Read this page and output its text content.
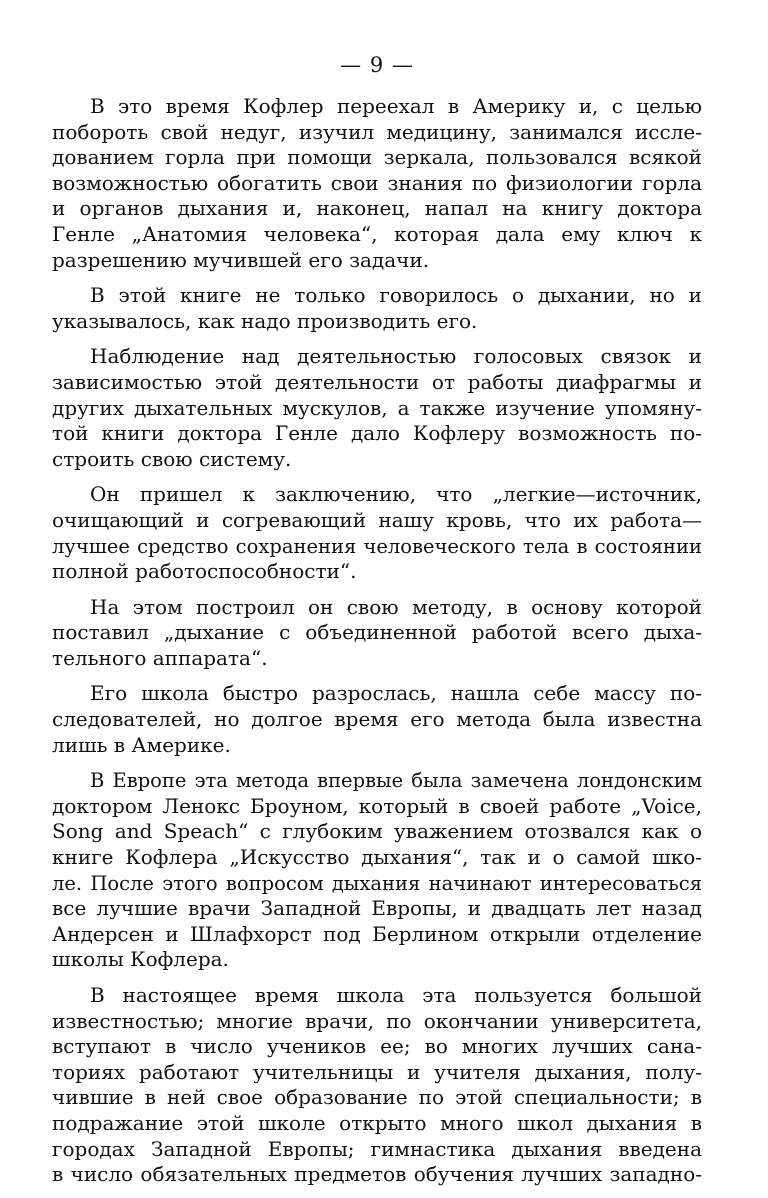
— 9 —
В это время Кофлер переехал в Америку и, с целью
побороть свой недуг, изучил медицину, занимался иссле-
дованием горла при помощи зеркала, пользовался всякой
возможностью обогатить свои знания по физиологии горла
и органов дыхания и, наконец, напал на книгу доктора
Генле „Анатомия человека“, которая дала ему ключ к
разрешению мучившей его задачи.
В этой книге не только говорилось о дыхании, но и
указывалось, как надо производить его.
Наблюдение над деятельностью голосовых связок и
зависимостью этой деятельности от работы диафрагмы и
других дыхательных мускулов, а также изучение упомяну-
той книги доктора Генле дало Кофлеру возможность по-
строить свою систему.
Он пришел к заключению, что „легкие—источник,
очищающий и согревающий нашу кровь, что их работа—
лучшее средство сохранения человеческого тела в состоянии
полной работоспособности“.
На этом построил он свою методу, в основу которой
поставил „дыхание с объединенной работой всего дыха-
тельного аппарата“.
Его школа быстро разрослась, нашла себе массу по-
следователей, но долгое время его метода была известна
лишь в Америке.
В Европе эта метода впервые была замечена лондонским
доктором Ленокс Броуном, который в своей работе „Voice,
Song and Speach“ с глубоким уважением отозвался как о
книге Кофлера „Искусство дыхания“, так и о самой шко-
ле. После этого вопросом дыхания начинают интересоваться
все лучшие врачи Западной Европы, и двадцать лет назад
Андерсен и Шлафхорст под Берлином открыли отделение
школы Кофлера.
В настоящее время школа эта пользуется большой
известностью; многие врачи, по окончании университета,
вступают в число учеников ее; во многих лучших сана-
ториях работают учительницы и учителя дыхания, полу-
чившие в ней свое образование по этой специальности; в
подражание этой школе открыто много школ дыхания в
городах Западной Европы; гимнастика дыхания введена
в число обязательных предметов обучения лучших западно-
